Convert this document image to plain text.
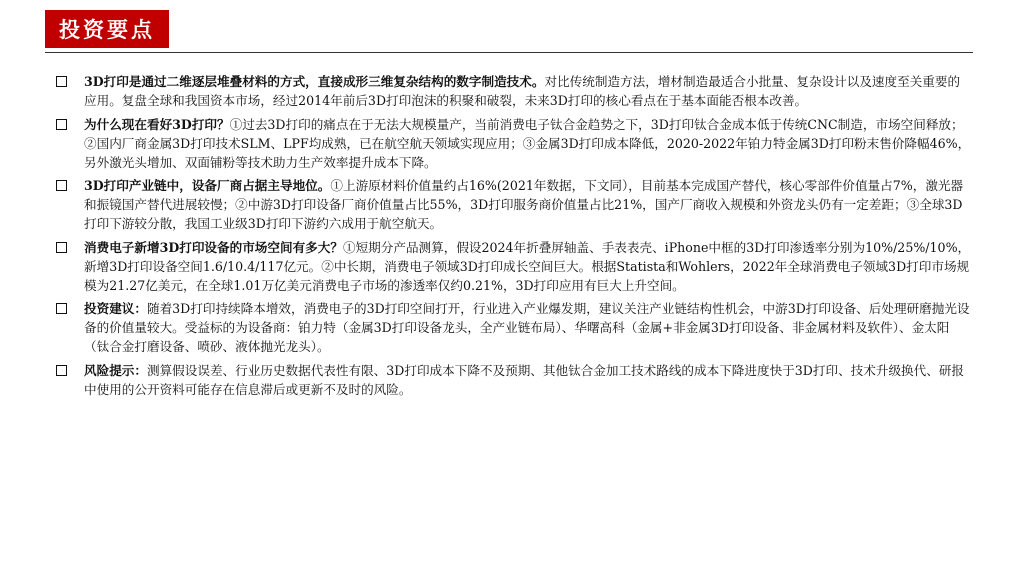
投资要点
3D打印是通过二维逐层堆叠材料的方式，直接成形三维复杂结构的数字制造技术。对比传统制造方法，增材制造最适合小批量、复杂设计以及速度至关重要的应用。复盘全球和我国资本市场，经过2014年前后3D打印泡沫的积聚和破裂，未来3D打印的核心看点在于基本面能否根本改善。
为什么现在看好3D打印？①过去3D打印的痛点在于无法大规模量产，当前消费电子钛合金趋势之下，3D打印钛合金成本低于传统CNC制造，市场空间释放；②国内厂商金属3D打印技术SLM、LPF均成熟，已在航空航天领域实现应用；③金属3D打印成本降低，2020-2022年铂力特金属3D打印粉末售价降幅46%，另外激光头增加、双面铺粉等技术助力生产效率提升成本下降。
3D打印产业链中，设备厂商占据主导地位。①上游原材料价值量约占16%(2021年数据，下文同），目前基本完成国产替代，核心零部件价值量占7%，激光器和振镜国产替代进展较慢；②中游3D打印设备厂商价值量占比55%，3D打印服务商价值量占比21%，国产厂商收入规模和外资龙头仍有一定差距；③全球3D打印下游较分散，我国工业级3D打印下游约六成用于航空航天。
消费电子新增3D打印设备的市场空间有多大？①短期分产品测算，假设2024年折叠屏轴盖、手表表壳、iPhone中框的3D打印渗透率分别为10%/25%/10%，新增3D打印设备空间1.6/10.4/117亿元。②中长期，消费电子领域3D打印成长空间巨大。根据Statista和Wohlers，2022年全球消费电子领域3D打印市场规模为21.27亿美元，在全球1.01万亿美元消费电子市场的渗透率仅约0.21%，3D打印应用有巨大上升空间。
投资建议：随着3D打印持续降本增效，消费电子的3D打印空间打开，行业进入产业爆发期，建议关注产业链结构性机会，中游3D打印设备、后处理研磨抛光设备的价值量较大。受益标的为设备商：铂力特（金属3D打印设备龙头，全产业链布局）、华曙高科（金属+非金属3D打印设备、非金属材料及软件）、金太阳（钛合金打磨设备、喷砂、液体抛光龙头）。
风险提示：测算假设误差、行业历史数据代表性有限、3D打印成本下降不及预期、其他钛合金加工技术路线的成本下降进度快于3D打印、技术升级换代、研报中使用的公开资料可能存在信息滞后或更新不及时的风险。
